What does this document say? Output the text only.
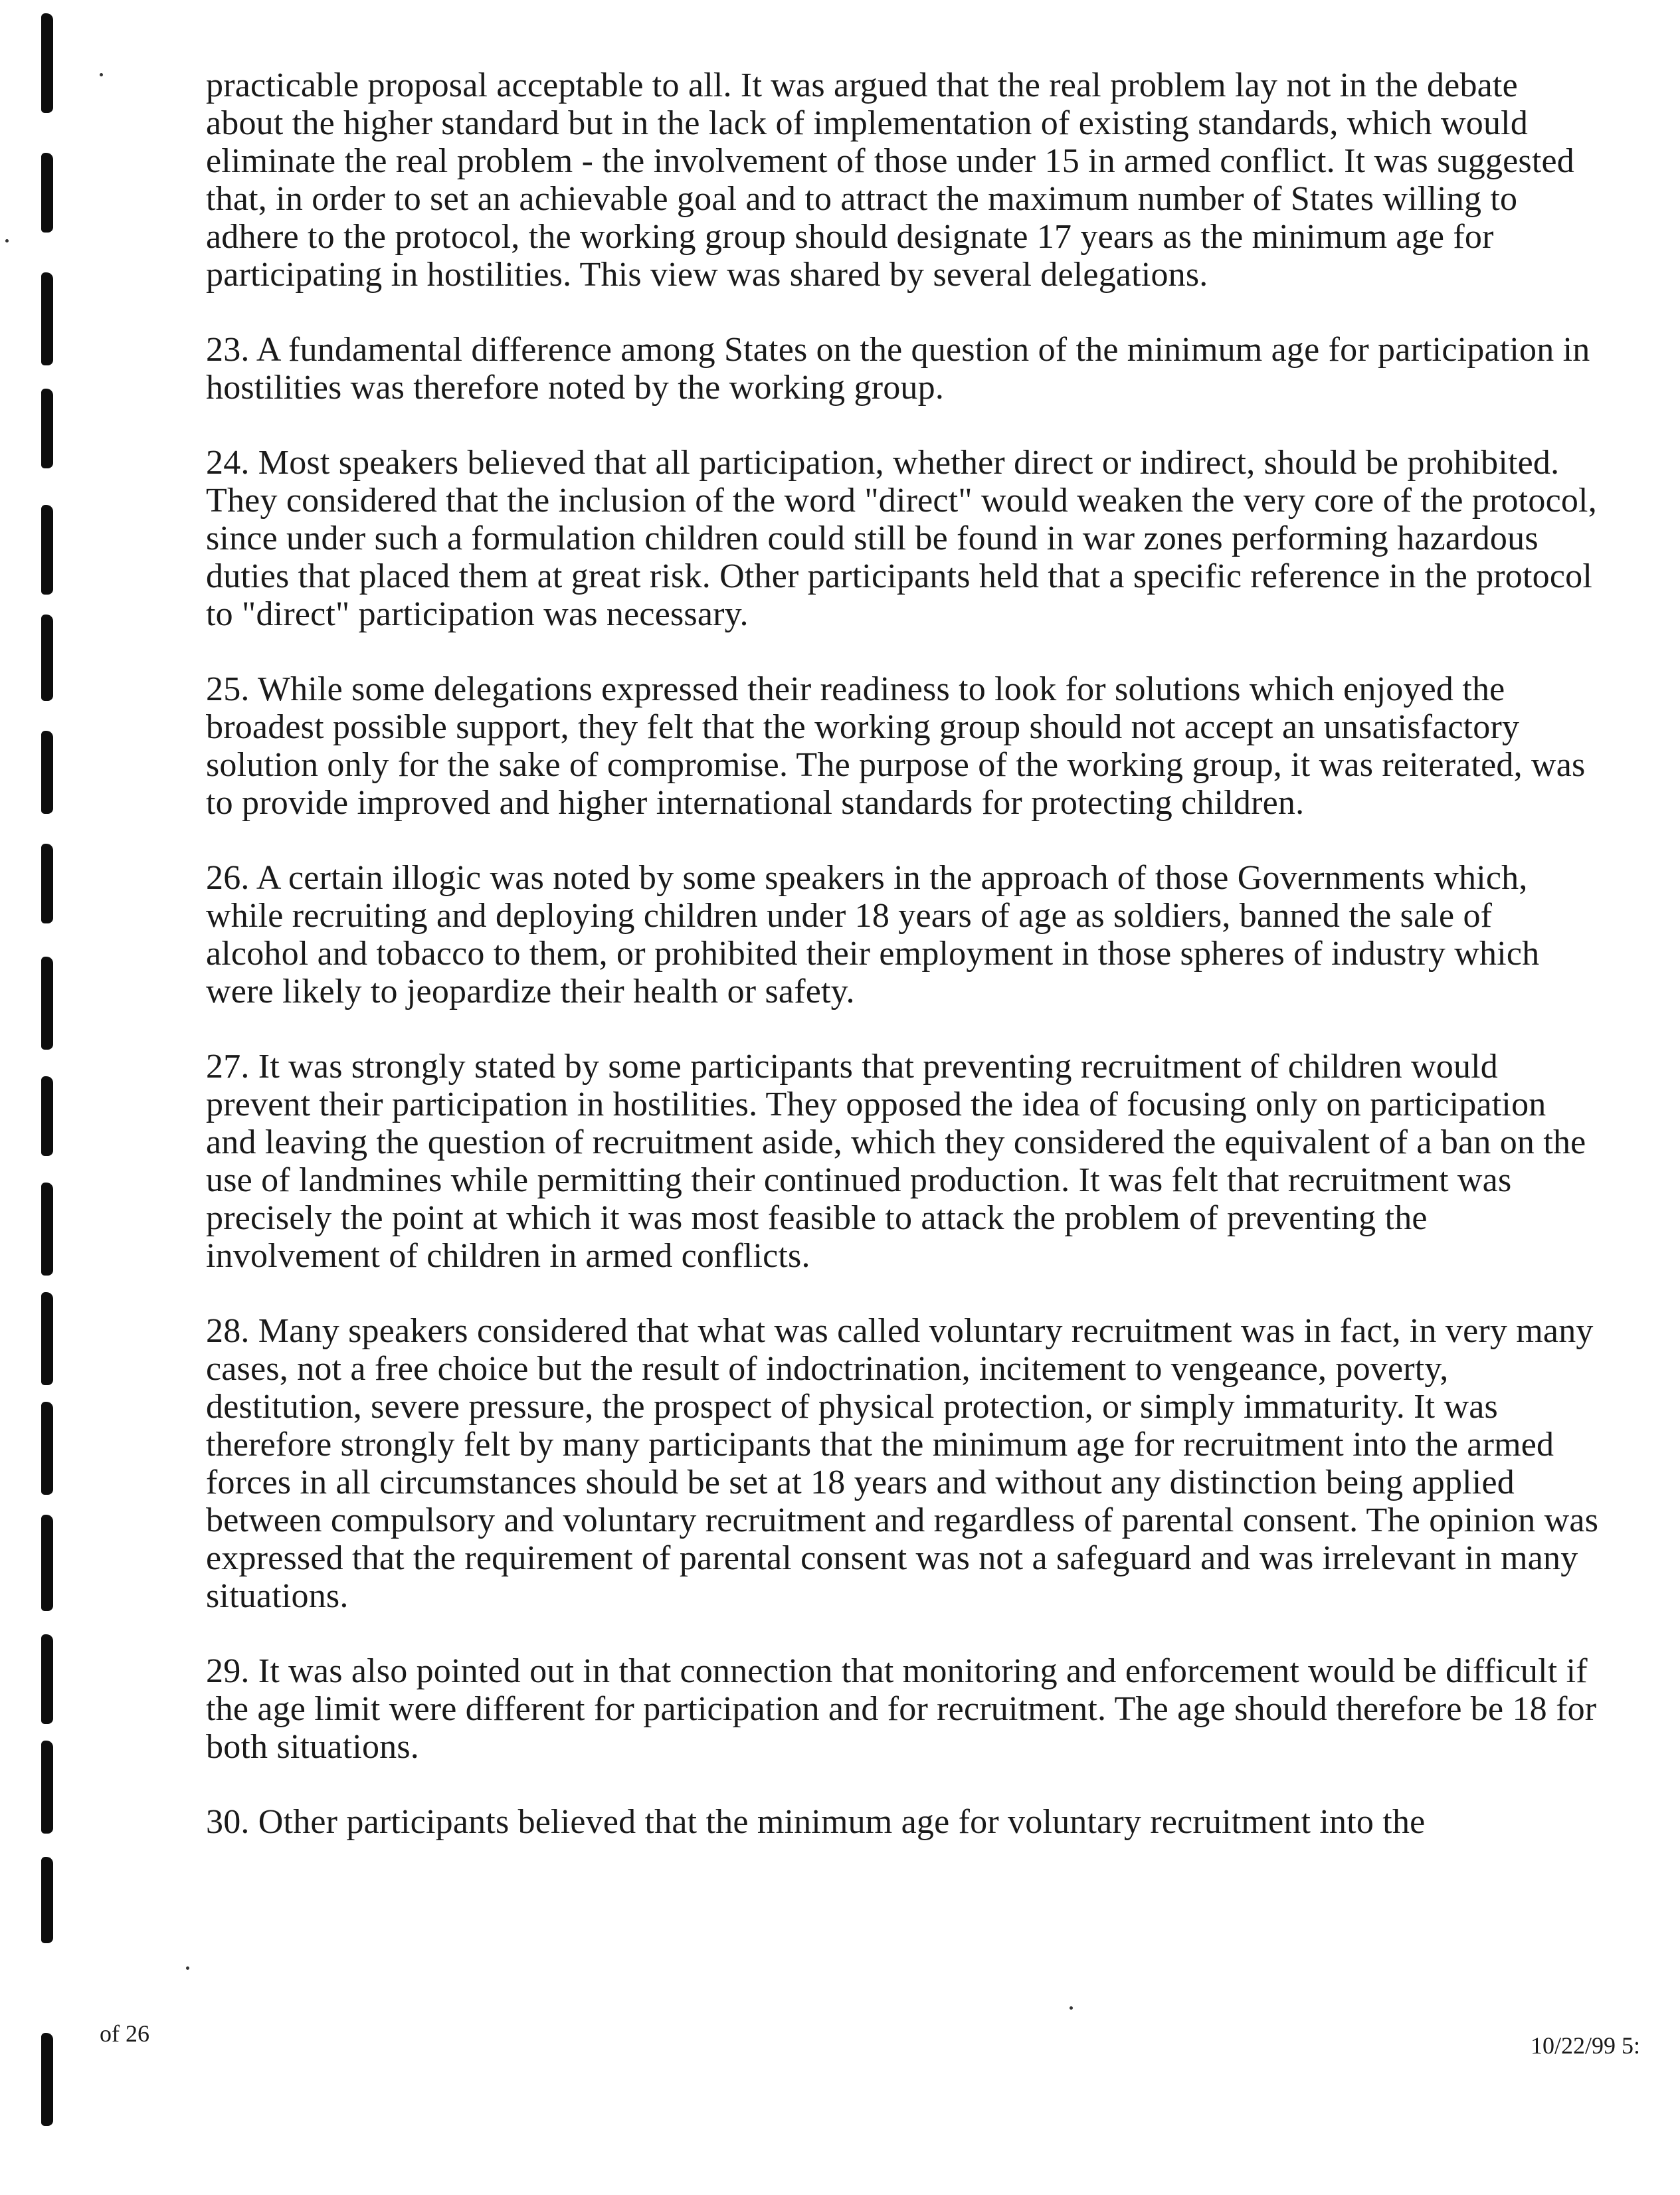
practicable proposal acceptable to all. It was argued that the real problem lay not in the debate about the higher standard but in the lack of implementation of existing standards, which would eliminate the real problem - the involvement of those under 15 in armed conflict. It was suggested that, in order to set an achievable goal and to attract the maximum number of States willing to adhere to the protocol, the working group should designate 17 years as the minimum age for participating in hostilities. This view was shared by several delegations.

23. A fundamental difference among States on the question of the minimum age for participation in hostilities was therefore noted by the working group.

24. Most speakers believed that all participation, whether direct or indirect, should be prohibited. They considered that the inclusion of the word "direct" would weaken the very core of the protocol, since under such a formulation children could still be found in war zones performing hazardous duties that placed them at great risk. Other participants held that a specific reference in the protocol to "direct" participation was necessary.

25. While some delegations expressed their readiness to look for solutions which enjoyed the broadest possible support, they felt that the working group should not accept an unsatisfactory solution only for the sake of compromise. The purpose of the working group, it was reiterated, was to provide improved and higher international standards for protecting children.

26. A certain illogic was noted by some speakers in the approach of those Governments which, while recruiting and deploying children under 18 years of age as soldiers, banned the sale of alcohol and tobacco to them, or prohibited their employment in those spheres of industry which were likely to jeopardize their health or safety.

27. It was strongly stated by some participants that preventing recruitment of children would prevent their participation in hostilities. They opposed the idea of focusing only on participation and leaving the question of recruitment aside, which they considered the equivalent of a ban on the use of landmines while permitting their continued production. It was felt that recruitment was precisely the point at which it was most feasible to attack the problem of preventing the involvement of children in armed conflicts.

28. Many speakers considered that what was called voluntary recruitment was in fact, in very many cases, not a free choice but the result of indoctrination, incitement to vengeance, poverty, destitution, severe pressure, the prospect of physical protection, or simply immaturity. It was therefore strongly felt by many participants that the minimum age for recruitment into the armed forces in all circumstances should be set at 18 years and without any distinction being applied between compulsory and voluntary recruitment and regardless of parental consent. The opinion was expressed that the requirement of parental consent was not a safeguard and was irrelevant in many situations.

29. It was also pointed out in that connection that monitoring and enforcement would be difficult if the age limit were different for participation and for recruitment. The age should therefore be 18 for both situations.

30. Other participants believed that the minimum age for voluntary recruitment into the

of 26	10/22/99 5:
